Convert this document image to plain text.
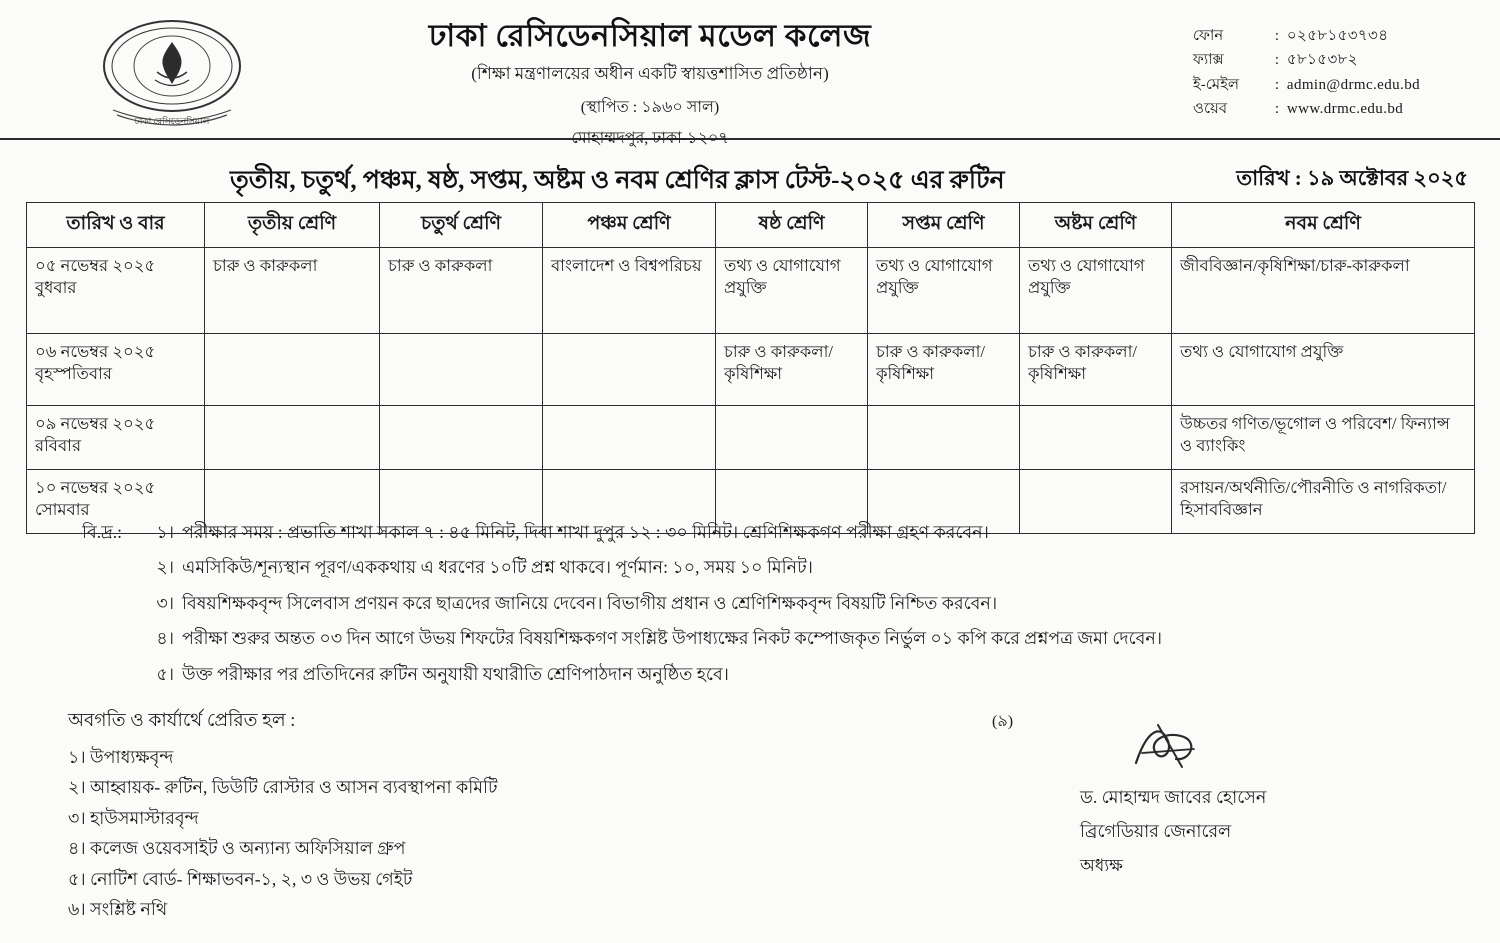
ঢাকা রেসিডেনসিয়াল
ঢাকা রেসিডেনসিয়াল মডেল কলেজ
(শিক্ষা মন্ত্রণালয়ের অধীন একটি স্বায়ত্তশাসিত প্রতিষ্ঠান)
(স্থাপিত : ১৯৬০ সাল)
মোহাম্মদপুর, ঢাকা-১২০৭
ফোন	:	০২৫৮১৫৩৭৩৪
ফ্যাক্স	:	৫৮১৫৩৮২
ই-মেইল	:	admin@drmc.edu.bd
ওয়েব	:	www.drmc.edu.bd
তৃতীয়, চতুর্থ, পঞ্চম, ষষ্ঠ, সপ্তম, অষ্টম ও নবম শ্রেণির ক্লাস টেস্ট-২০২৫ এর রুটিন	তারিখ : ১৯ অক্টোবর ২০২৫
তারিখ ও বার	তৃতীয় শ্রেণি	চতুর্থ শ্রেণি	পঞ্চম শ্রেণি	ষষ্ঠ শ্রেণি	সপ্তম শ্রেণি	অষ্টম শ্রেণি	নবম শ্রেণি

০৫ নভেম্বর ২০২৫
বুধবার	চারু ও কারুকলা	চারু ও কারুকলা	বাংলাদেশ ও বিশ্বপরিচয়	তথ্য ও যোগাযোগ প্রযুক্তি	তথ্য ও যোগাযোগ প্রযুক্তি	তথ্য ও যোগাযোগ প্রযুক্তি	জীববিজ্ঞান/কৃষিশিক্ষা/চারু-কারুকলা

০৬ নভেম্বর ২০২৫
বৃহস্পতিবার				চারু ও কারুকলা/ কৃষিশিক্ষা	চারু ও কারুকলা/ কৃষিশিক্ষা	চারু ও কারুকলা/ কৃষিশিক্ষা	তথ্য ও যোগাযোগ প্রযুক্তি

০৯ নভেম্বর ২০২৫
রবিবার							উচ্চতর গণিত/ভূগোল ও পরিবেশ/ ফিন্যান্স ও ব্যাংকিং

১০ নভেম্বর ২০২৫
সোমবার							রসায়ন/অর্থনীতি/পৌরনীতি ও নাগরিকতা/ হিসাববিজ্ঞান
বি.দ্র.:	১। পরীক্ষার সময় : প্রভাতি শাখা সকাল ৭ : ৪৫ মিনিট, দিবা শাখা দুপুর ১২ : ৩০ মিনিট। শ্রেণিশিক্ষকগণ পরীক্ষা গ্রহণ করবেন।
২। এমসিকিউ/শূন্যস্থান পূরণ/এককথায় এ ধরণের ১০টি প্রশ্ন থাকবে। পূর্ণমান: ১০, সময় ১০ মিনিট।
৩। বিষয়শিক্ষকবৃন্দ সিলেবাস প্রণয়ন করে ছাত্রদের জানিয়ে দেবেন। বিভাগীয় প্রধান ও শ্রেণিশিক্ষকবৃন্দ বিষয়টি নিশ্চিত করবেন।
৪। পরীক্ষা শুরুর অন্তত ০৩ দিন আগে উভয় শিফটের বিষয়শিক্ষকগণ সংশ্লিষ্ট উপাধ্যক্ষের নিকট কম্পোজকৃত নির্ভুল ০১ কপি করে প্রশ্নপত্র জমা দেবেন।
৫। উক্ত পরীক্ষার পর প্রতিদিনের রুটিন অনুযায়ী যথারীতি শ্রেণিপাঠদান অনুষ্ঠিত হবে।
অবগতি ও কার্যার্থে প্রেরিত হল :
১। উপাধ্যক্ষবৃন্দ
২। আহ্বায়ক- রুটিন, ডিউটি রোস্টার ও আসন ব্যবস্থাপনা কমিটি
৩। হাউসমাস্টারবৃন্দ
৪। কলেজ ওয়েবসাইট ও অন্যান্য অফিসিয়াল গ্রুপ
৫। নোটিশ বোর্ড- শিক্ষাভবন-১, ২, ৩ ও উভয় গেইট
৬। সংশ্লিষ্ট নথি
(৯)
ড. মোহাম্মদ জাবের হোসেন
ব্রিগেডিয়ার জেনারেল
অধ্যক্ষ
